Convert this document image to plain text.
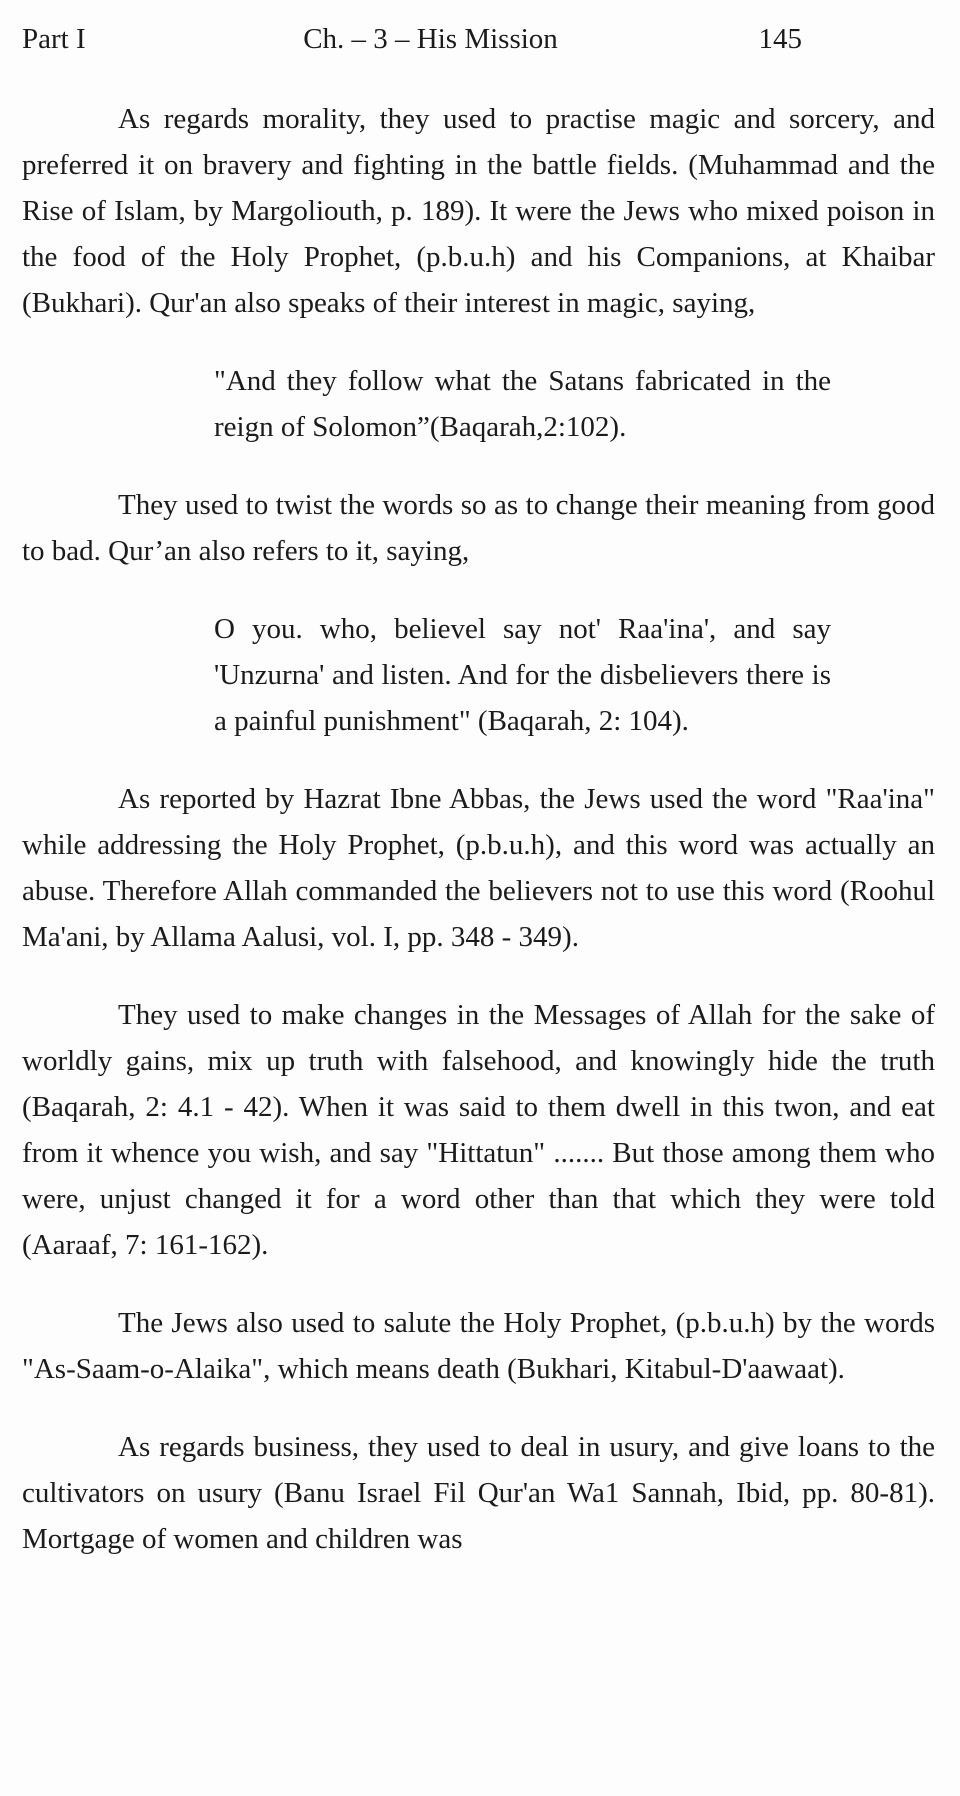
Part I	Ch. – 3 – His Mission	145

As regards morality, they used to practise magic and sorcery, and preferred it on bravery and fighting in the battle fields. (Muhammad and the Rise of Islam, by Margoliouth, p. 189). It were the Jews who mixed poison in the food of the Holy Prophet, (p.b.u.h) and his Companions, at Khaibar (Bukhari). Qur'an also speaks of their interest in magic, saying,

"And they follow what the Satans fabricated in the reign of Solomon”(Baqarah,2:102).

They used to twist the words so as to change their meaning from good to bad. Qur’an also refers to it, saying,

O you. who, believel say not' Raa'ina', and say 'Unzurna' and listen. And for the disbelievers there is a painful punishment" (Baqarah, 2: 104).

As reported by Hazrat Ibne Abbas, the Jews used the word "Raa'ina" while addressing the Holy Prophet, (p.b.u.h), and this word was actually an abuse. Therefore Allah commanded the believers not to use this word (Roohul Ma'ani, by Allama Aalusi, vol. I, pp. 348 - 349).

They used to make changes in the Messages of Allah for the sake of worldly gains, mix up truth with falsehood, and knowingly hide the truth (Baqarah, 2: 4.1 - 42). When it was said to them dwell in this twon, and eat from it whence you wish, and say "Hittatun" ....... But those among them who were, unjust changed it for a word other than that which they were told (Aaraaf, 7: 161-162).

The Jews also used to salute the Holy Prophet, (p.b.u.h) by the words "As-Saam-o-Alaika", which means death (Bukhari, Kitabul-D'aawaat).

As regards business, they used to deal in usury, and give loans to the cultivators on usury (Banu Israel Fil Qur'an Wa1 Sannah, Ibid, pp. 80-81). Mortgage of women and children was
